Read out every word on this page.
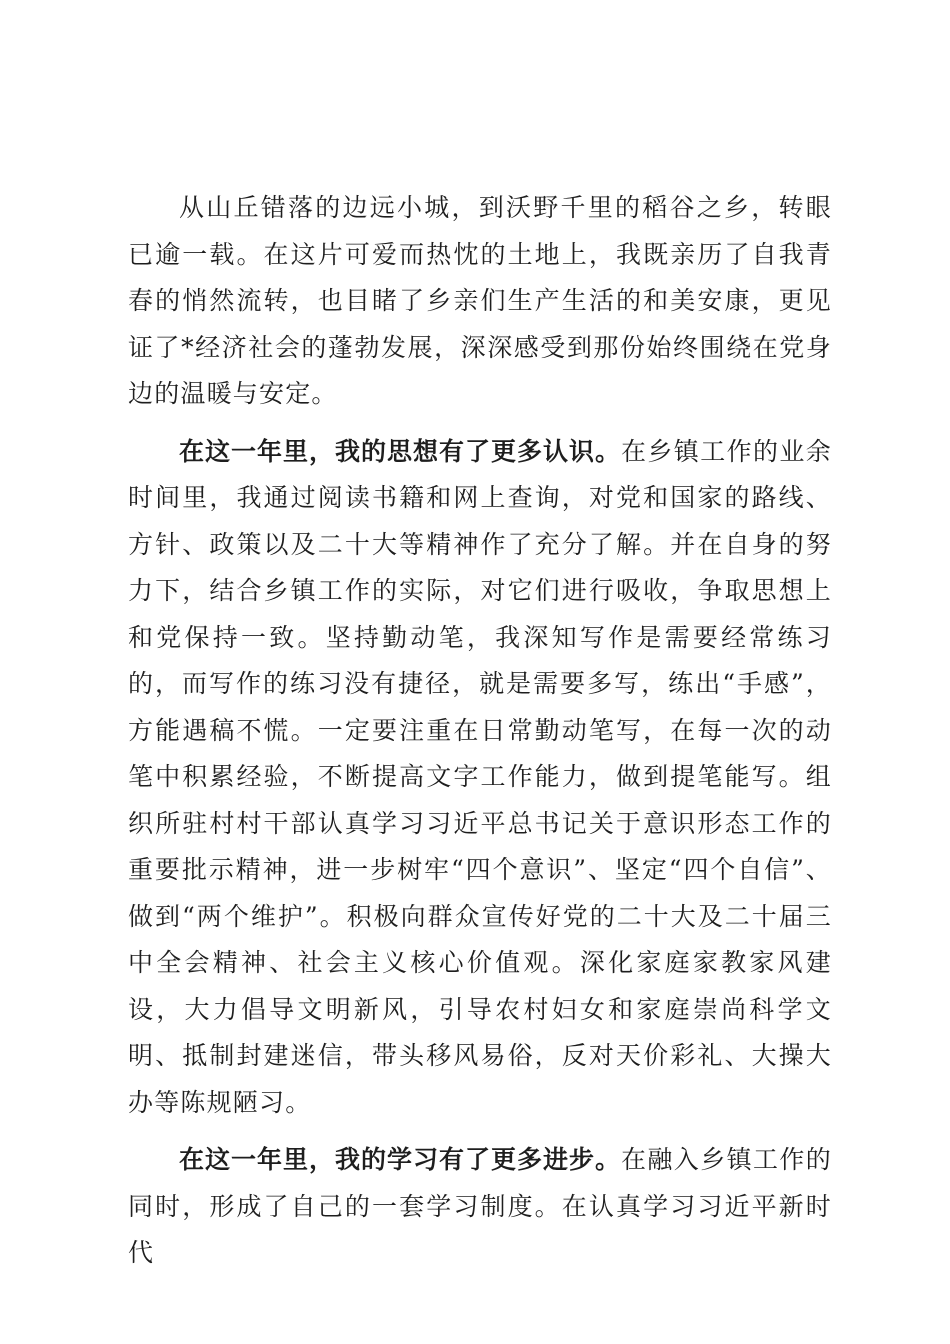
从山丘错落的边远小城，到沃野千里的稻谷之乡，转眼已逾一载。在这片可爱而热忱的土地上，我既亲历了自我青春的悄然流转，也目睹了乡亲们生产生活的和美安康，更见证了*经济社会的蓬勃发展，深深感受到那份始终围绕在党身边的温暖与安定。

在这一年里，我的思想有了更多认识。在乡镇工作的业余时间里，我通过阅读书籍和网上查询，对党和国家的路线、方针、政策以及二十大等精神作了充分了解。并在自身的努力下，结合乡镇工作的实际，对它们进行吸收，争取思想上和党保持一致。坚持勤动笔，我深知写作是需要经常练习的，而写作的练习没有捷径，就是需要多写，练出“手感”，方能遇稿不慌。一定要注重在日常勤动笔写，在每一次的动笔中积累经验，不断提高文字工作能力，做到提笔能写。组织所驻村村干部认真学习习近平总书记关于意识形态工作的重要批示精神，进一步树牢“四个意识”、坚定“四个自信”、做到“两个维护”。积极向群众宣传好党的二十大及二十届三中全会精神、社会主义核心价值观。深化家庭家教家风建设，大力倡导文明新风，引导农村妇女和家庭崇尚科学文明、抵制封建迷信，带头移风易俗，反对天价彩礼、大操大办等陈规陋习。

在这一年里，我的学习有了更多进步。在融入乡镇工作的同时，形成了自己的一套学习制度。在认真学习习近平新时代
